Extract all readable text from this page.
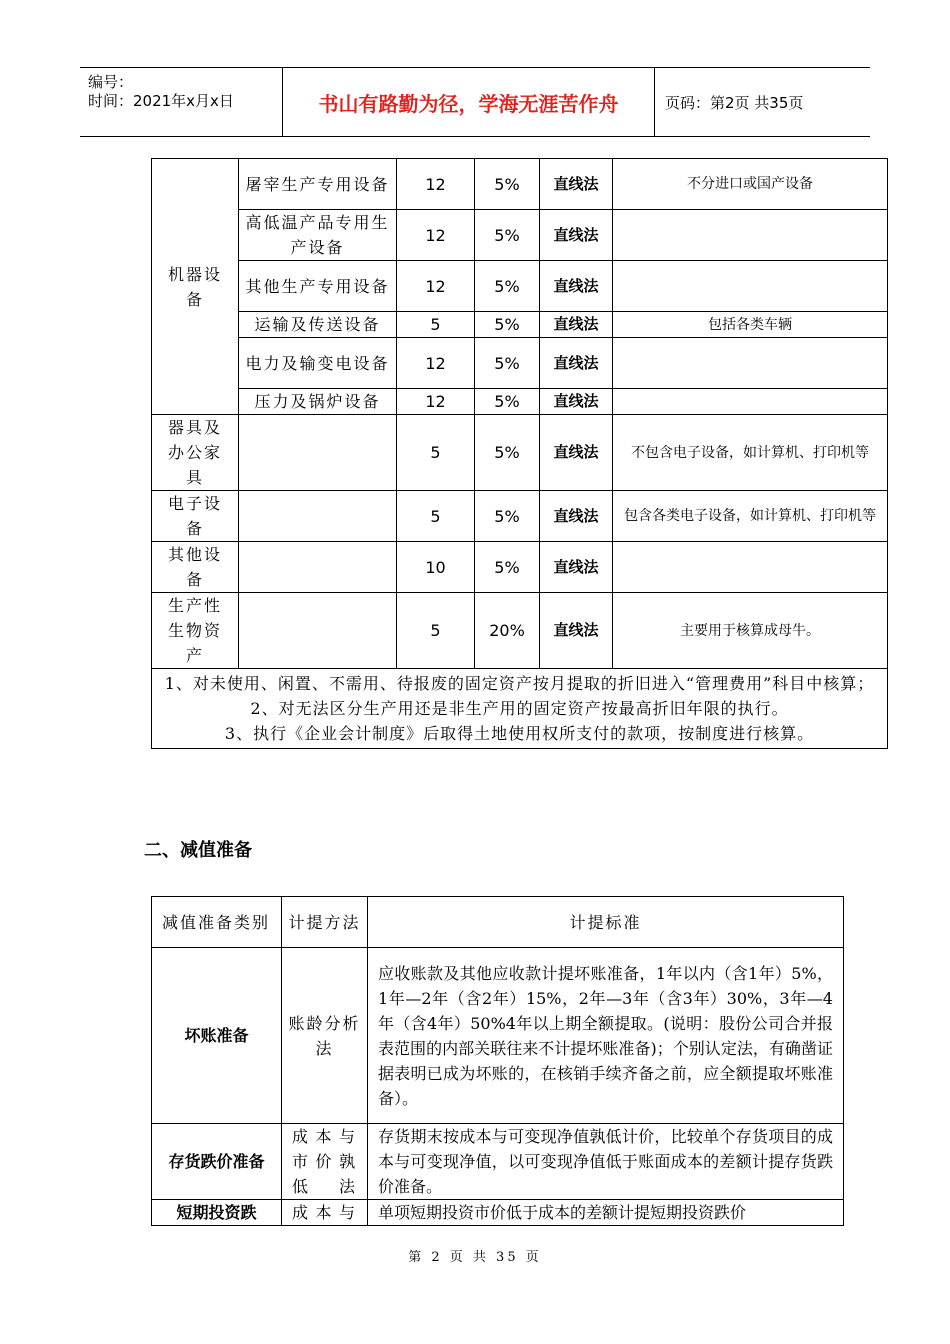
编号：
时间：2021年x月x日	书山有路勤为径，学海无涯苦作舟	页码：第2页 共35页
机器设备	屠宰生产专用设备	12	5%	直线法	不分进口或国产设备
	高低温产品专用生产设备	12	5%	直线法	
	其他生产专用设备	12	5%	直线法	
	运输及传送设备	5	5%	直线法	包括各类车辆
	电力及输变电设备	12	5%	直线法	
	压力及锅炉设备	12	5%	直线法	
器具及办公家具		5	5%	直线法	不包含电子设备，如计算机、打印机等
电子设备		5	5%	直线法	包含各类电子设备，如计算机、打印机等
其他设备		10	5%	直线法	
生产性生物资产		5	20%	直线法	主要用于核算成母牛。

1、对未使用、闲置、不需用、待报废的固定资产按月提取的折旧进入“管理费用”科目中核算；
2、对无法区分生产用还是非生产用的固定资产按最高折旧年限的执行。
3、执行《企业会计制度》后取得土地使用权所支付的款项，按制度进行核算。					
二、减值准备
减值准备类别	计提方法	计提标准
坏账准备	账龄分析法	应收账款及其他应收款计提坏账准备，1年以内（含1年）5%，1年—2年（含2年）15%，2年—3年（含3年）30%，3年—4年（含4年）50%4年以上期全额提取。(说明：股份公司合并报表范围的内部关联往来不计提坏账准备)；个别认定法，有确凿证据表明已成为坏账的，在核销手续齐备之前，应全额提取坏账准备）。
存货跌价准备	成本与市价孰低法	存货期末按成本与可变现净值孰低计价，比较单个存货项目的成本与可变现净值，以可变现净值低于账面成本的差额计提存货跌价准备。
短期投资跌	成本与	单项短期投资市价低于成本的差额计提短期投资跌价
第 2 页 共 35 页
